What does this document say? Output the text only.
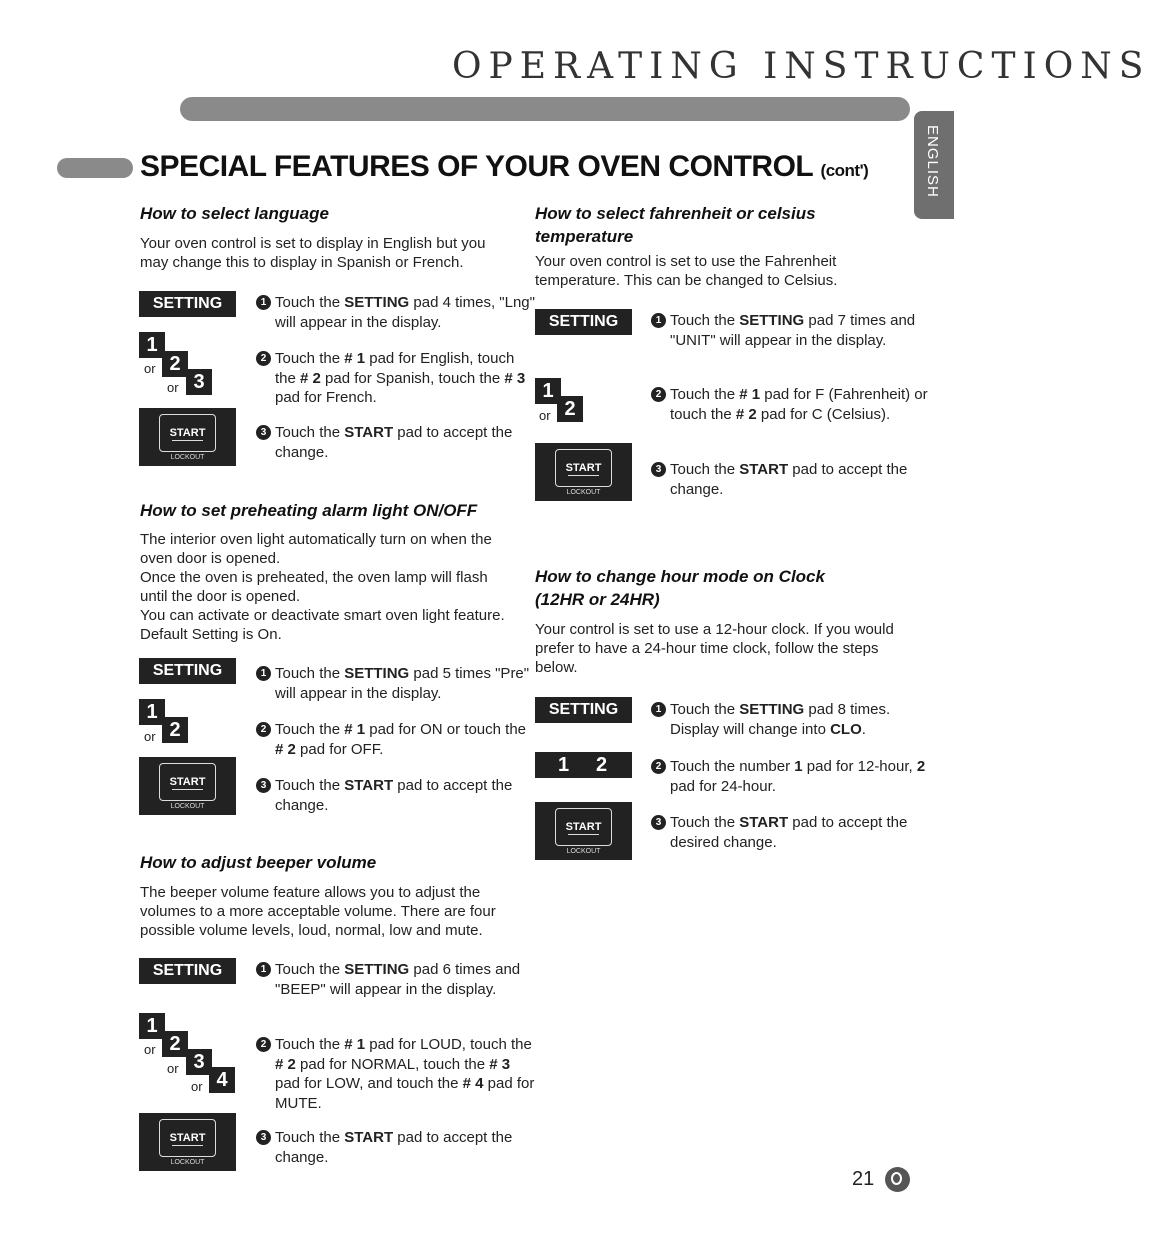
OPERATING INSTRUCTIONS
ENGLISH
SPECIAL FEATURES OF YOUR OVEN CONTROL (cont')
How to select language
Your oven control is set to display in English but you may change this to display in Spanish or French.
SETTING
1
or 2
or 3
START
LOCKOUT
1 Touch the SETTING pad 4 times, "Lng" will appear in the display.
2 Touch the # 1 pad for English, touch the # 2 pad for Spanish, touch the # 3 pad for French.
3 Touch the START pad to accept the change.
How to set preheating alarm light ON/OFF
The interior oven light automatically turn on when the oven door is opened.
Once the oven is preheated, the oven lamp will flash until the door is opened.
You can activate or deactivate smart oven light feature. Default Setting is On.
SETTING
1
or 2
START
LOCKOUT
1 Touch the SETTING pad 5 times "Pre" will appear in the display.
2 Touch the # 1 pad for ON or touch the # 2 pad for OFF.
3 Touch the START pad to accept the change.
How to adjust beeper volume
The beeper volume feature allows you to adjust the volumes to a more acceptable volume. There are four possible volume levels, loud, normal, low and mute.
SETTING
1
or 2
or 3
or 4
START
LOCKOUT
1 Touch the SETTING pad 6 times and "BEEP" will appear in the display.
2 Touch the # 1 pad for LOUD, touch the # 2 pad for NORMAL, touch the # 3 pad for LOW, and touch the # 4 pad for MUTE.
3 Touch the START pad to accept the change.
How to select fahrenheit or celsius temperature
Your oven control is set to use the Fahrenheit temperature. This can be changed to Celsius.
SETTING
1
or 2
START
LOCKOUT
1 Touch the SETTING pad 7 times and "UNIT" will appear in the display.
2 Touch the # 1 pad for F (Fahrenheit) or touch the # 2 pad for C (Celsius).
3 Touch the START pad to accept the change.
How to change hour mode on Clock (12HR or 24HR)
Your control is set to use a 12-hour clock. If you would prefer to have a 24-hour time clock, follow the steps below.
SETTING
1 2
START
LOCKOUT
1 Touch the SETTING pad 8 times. Display will change into CLO.
2 Touch the number 1 pad for 12-hour, 2 pad for 24-hour.
3 Touch the START pad to accept the desired change.
21
